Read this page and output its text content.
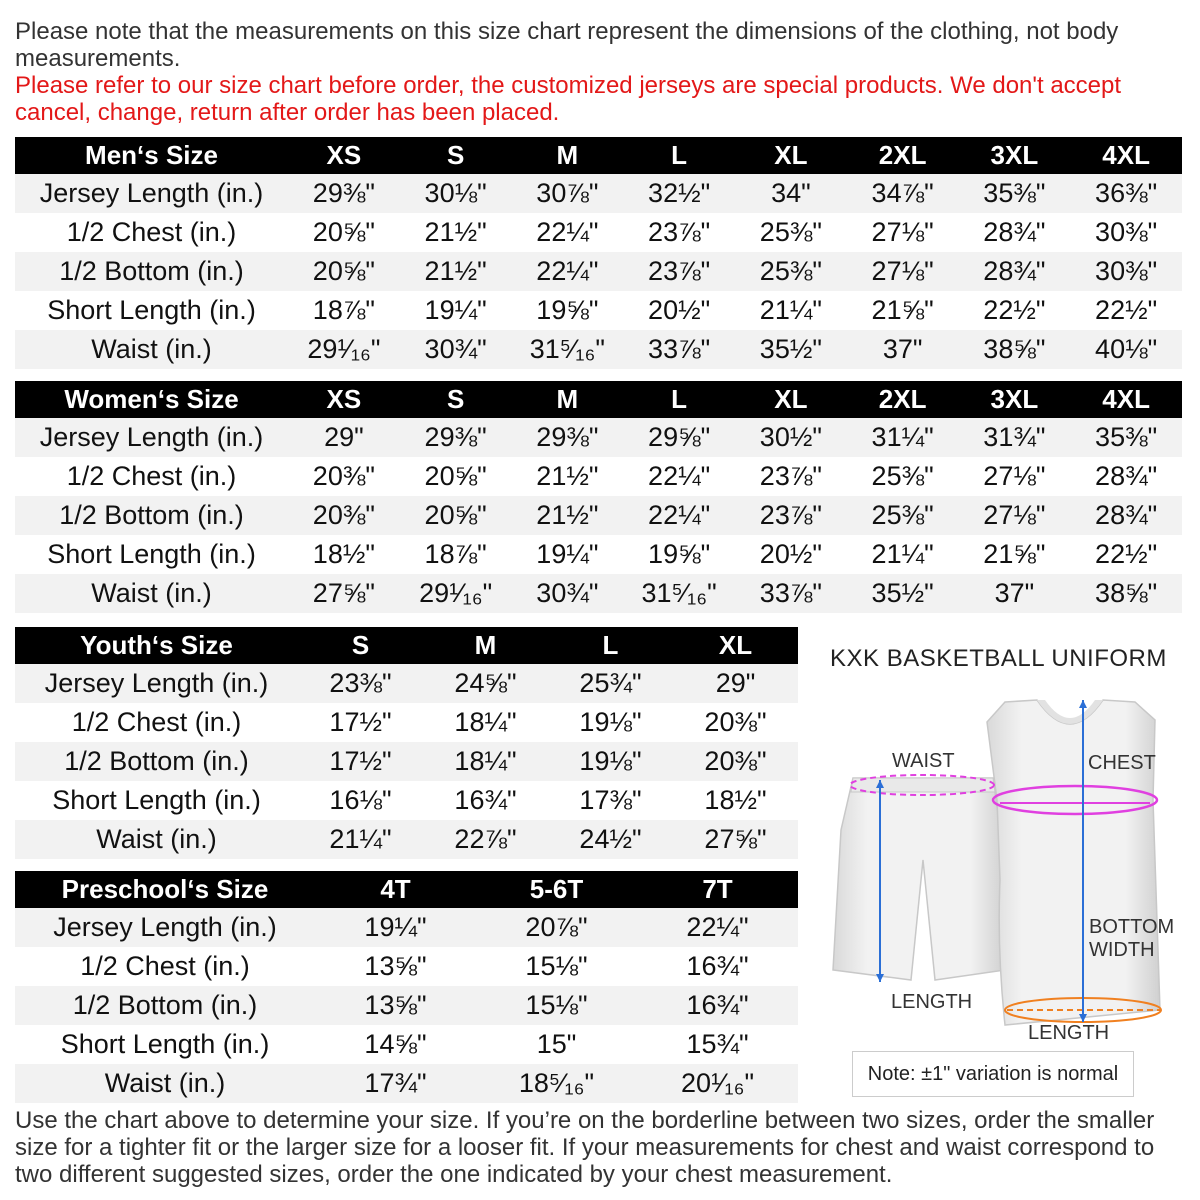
Please note that the measurements on this size chart represent the dimensions of the clothing, not body measurements.
Please refer to our size chart before order, the customized jerseys are special products. We don't accept cancel, change, return after order has been placed.
Men‘s Size	XS	S	M	L	XL	2XL	3XL	4XL
Jersey Length (in.)	29⅜"	30⅛"	30⅞"	32½"	34"	34⅞"	35⅜"	36⅜"
1/2 Chest (in.)	20⅝"	21½"	22¼"	23⅞"	25⅜"	27⅛"	28¾"	30⅜"
1/2 Bottom (in.)	20⅝"	21½"	22¼"	23⅞"	25⅜"	27⅛"	28¾"	30⅜"
Short Length (in.)	18⅞"	19¼"	19⅝"	20½"	21¼"	21⅝"	22½"	22½"
Waist (in.)	29¹⁄₁₆"	30¾"	31⁵⁄₁₆"	33⅞"	35½"	37"	38⅝"	40⅛"
Women‘s Size	XS	S	M	L	XL	2XL	3XL	4XL
Jersey Length (in.)	29"	29⅜"	29⅜"	29⅝"	30½"	31¼"	31¾"	35⅜"
1/2 Chest (in.)	20⅜"	20⅝"	21½"	22¼"	23⅞"	25⅜"	27⅛"	28¾"
1/2 Bottom (in.)	20⅜"	20⅝"	21½"	22¼"	23⅞"	25⅜"	27⅛"	28¾"
Short Length (in.)	18½"	18⅞"	19¼"	19⅝"	20½"	21¼"	21⅝"	22½"
Waist (in.)	27⅝"	29¹⁄₁₆"	30¾"	31⁵⁄₁₆"	33⅞"	35½"	37"	38⅝"
Youth‘s Size	S	M	L	XL
Jersey Length (in.)	23⅜"	24⅝"	25¾"	29"
1/2 Chest (in.)	17½"	18¼"	19⅛"	20⅜"
1/2 Bottom (in.)	17½"	18¼"	19⅛"	20⅜"
Short Length (in.)	16⅛"	16¾"	17⅜"	18½"
Waist (in.)	21¼"	22⅞"	24½"	27⅝"
Preschool‘s Size	4T	5-6T	7T
Jersey Length (in.)	19¼"	20⅞"	22¼"
1/2 Chest (in.)	13⅝"	15⅛"	16¾"
1/2 Bottom (in.)	13⅝"	15⅛"	16¾"
Short Length (in.)	14⅝"	15"	15¾"
Waist (in.)	17¾"	18⁵⁄₁₆"	20¹⁄₁₆"
KXK BASKETBALL UNIFORM
WAIST	CHEST
BOTTOM
WIDTH
LENGTH
LENGTH
Note: ±1" variation is normal
Use the chart above to determine your size. If you’re on the borderline between two sizes, order the smaller size for a tighter fit or the larger size for a looser fit. If your measurements for chest and waist correspond to two different suggested sizes, order the one indicated by your chest measurement.
